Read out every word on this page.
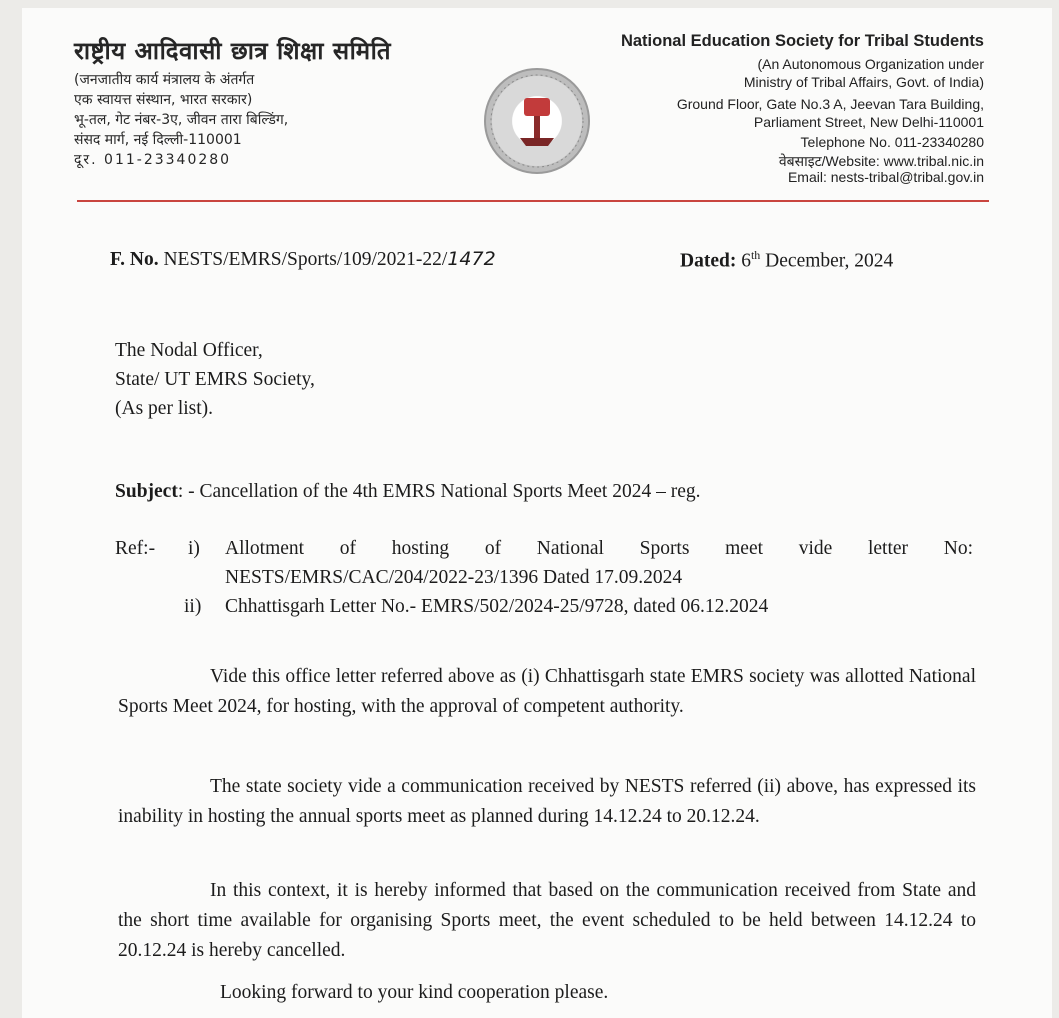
राष्ट्रीय आदिवासी छात्र शिक्षा समिति
(जनजातीय कार्य मंत्रालय के अंतर्गत
एक स्वायत्त संस्थान, भारत सरकार)
भू-तल, गेट नंबर-3ए, जीवन तारा बिल्डिंग,
संसद मार्ग, नई दिल्ली-110001
दूर. 011-23340280
National Education Society for Tribal Students
(An Autonomous Organization under
Ministry of Tribal Affairs, Govt. of India)
Ground Floor, Gate No.3 A, Jeevan Tara Building,
Parliament Street, New Delhi-110001
Telephone No. 011-23340280
वेबसाइट/Website: www.tribal.nic.in
Email: nests-tribal@tribal.gov.in
F. No. NESTS/EMRS/Sports/109/2021-22/1472	Dated: 6th December, 2024
The Nodal Officer,
State/ UT EMRS Society,
(As per list).
Subject: - Cancellation of the 4th EMRS National Sports Meet 2024 – reg.
Ref:- i) Allotment of hosting of National Sports meet vide letter No:
NESTS/EMRS/CAC/204/2022-23/1396 Dated 17.09.2024
ii) Chhattisgarh Letter No.- EMRS/502/2024-25/9728, dated 06.12.2024
Vide this office letter referred above as (i) Chhattisgarh state EMRS society was allotted National Sports Meet 2024, for hosting, with the approval of competent authority.
The state society vide a communication received by NESTS referred (ii) above, has expressed its inability in hosting the annual sports meet as planned during 14.12.24 to 20.12.24.
In this context, it is hereby informed that based on the communication received from State and the short time available for organising Sports meet, the event scheduled to be held between 14.12.24 to 20.12.24 is hereby cancelled.
Looking forward to your kind cooperation please.
